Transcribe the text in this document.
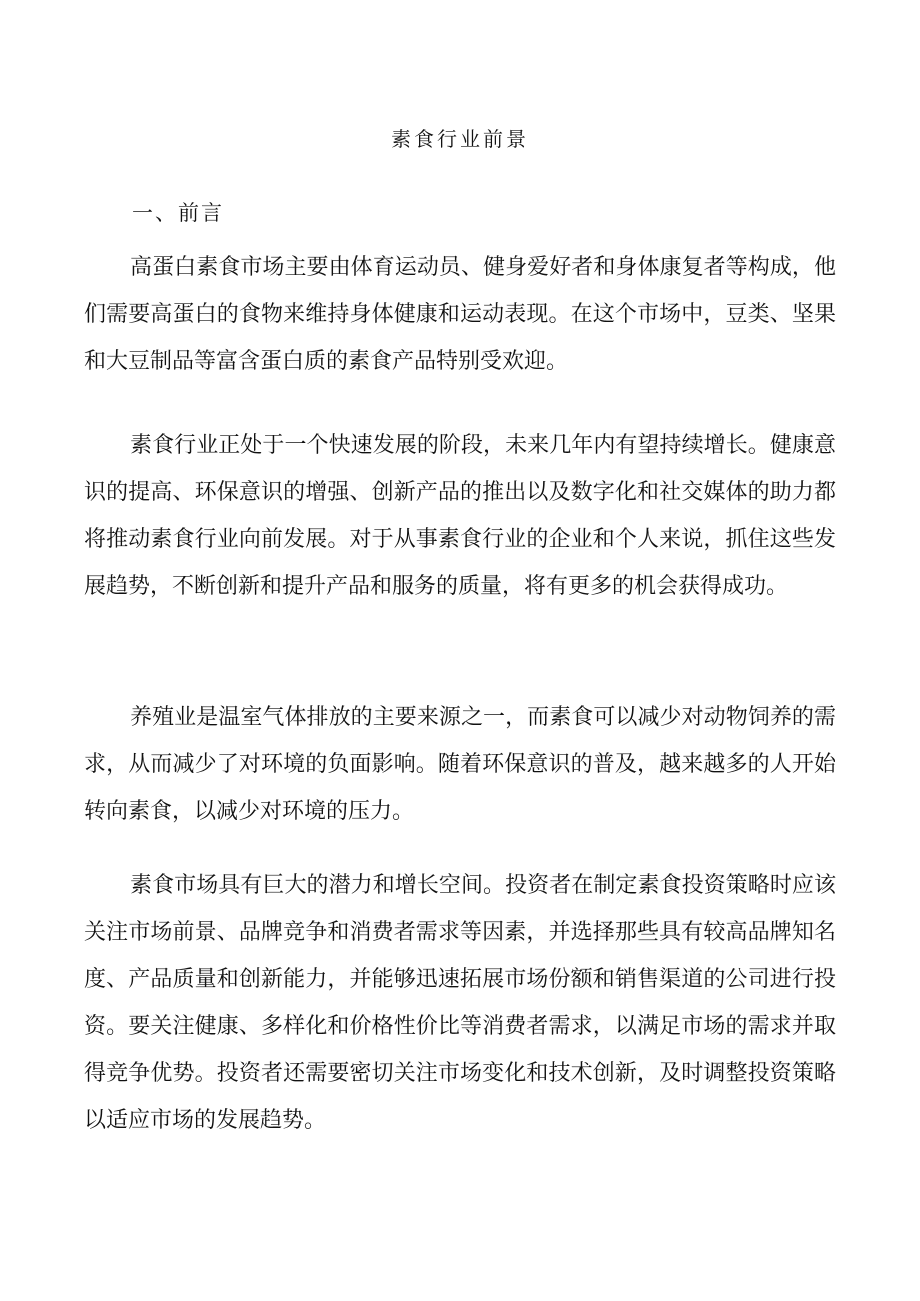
素食行业前景
一、前言

高蛋白素食市场主要由体育运动员、健身爱好者和身体康复者等构成，他们需要高蛋白的食物来维持身体健康和运动表现。在这个市场中，豆类、坚果和大豆制品等富含蛋白质的素食产品特别受欢迎。

素食行业正处于一个快速发展的阶段，未来几年内有望持续增长。健康意识的提高、环保意识的增强、创新产品的推出以及数字化和社交媒体的助力都将推动素食行业向前发展。对于从事素食行业的企业和个人来说，抓住这些发展趋势，不断创新和提升产品和服务的质量，将有更多的机会获得成功。

养殖业是温室气体排放的主要来源之一，而素食可以减少对动物饲养的需求，从而减少了对环境的负面影响。随着环保意识的普及，越来越多的人开始转向素食，以减少对环境的压力。

素食市场具有巨大的潜力和增长空间。投资者在制定素食投资策略时应该关注市场前景、品牌竞争和消费者需求等因素，并选择那些具有较高品牌知名度、产品质量和创新能力，并能够迅速拓展市场份额和销售渠道的公司进行投资。要关注健康、多样化和价格性价比等消费者需求，以满足市场的需求并取得竞争优势。投资者还需要密切关注市场变化和技术创新，及时调整投资策略以适应市场的发展趋势。
